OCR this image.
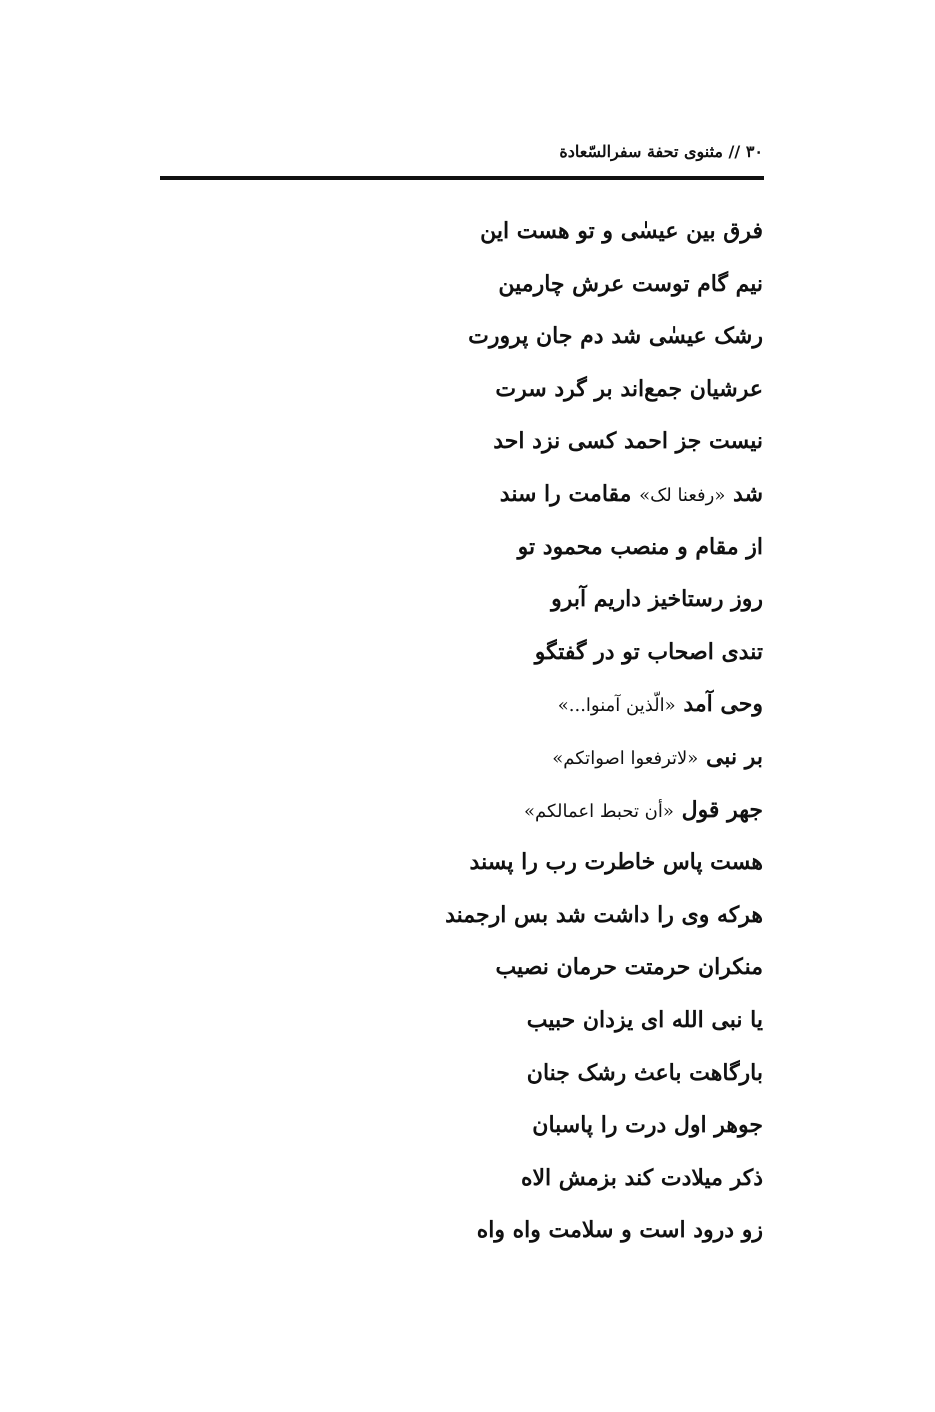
۳۰ // مثنوی تحفة سفرالسّعادة
فرق بین عیسٰی و تو هست این
نیم گام توست عرش چارمین
رشک عیسٰی شد دم جان پرورت
عرشیان جمع‌اند بر گرد سرت
نیست جز احمد کسی نزد احد
شد «رفعنا لک» مقامت را سند
از مقام و منصب محمود تو
روز رستاخیز داریم آبرو
تندی اصحاب تو در گفتگو
وحی آمد «الّذین آمنوا...»
بر نبی «لاترفعوا اصواتکم»
جهر قول «أن تحبط اعمالکم»
هست پاس خاطرت رب را پسند
هرکه وی را داشت شد بس ارجمند
منکران حرمتت حرمان نصیب
یا نبی الله ای یزدان حبیب
بارگاهت باعث رشک جنان
جوهر اول درت را پاسبان
ذکر میلادت کند بزمش الاه
زو درود است و سلامت واه واه
